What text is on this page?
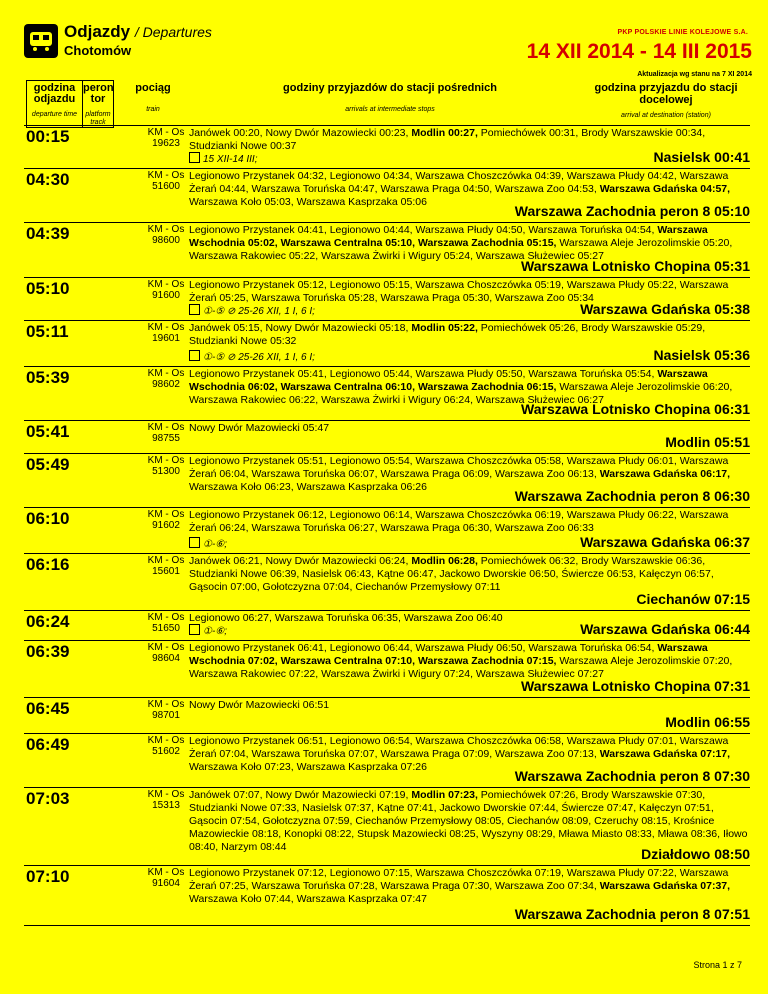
Odjazdy / Departures
Chotomów
PKP POLSKIE LINIE KOLEJOWE S.A.
14 XII 2014 - 14 III 2015
Aktualizacja wg stanu na 7 XI 2014
godzina odjazdu
departure time
peron tor
platform track
pociąg
train
godziny przyjazdów do stacji pośrednich
arrivals at intermediate stops
godzina przyjazdu do stacji docelowej
arrival at destination (station)
00:15	KM - Os
19623
Janówek 00:20, Nowy Dwór Mazowiecki 00:23, Modlin 00:27, Pomiechówek 00:31, Brody Warszawskie 00:34, Studzianki Nowe 00:37
15 XII-14 III;	Nasielsk 00:41
04:30	KM - Os
51600
Legionowo Przystanek 04:32, Legionowo 04:34, Warszawa Choszczówka 04:39, Warszawa Płudy 04:42, Warszawa Żerań 04:44, Warszawa Toruńska 04:47, Warszawa Praga 04:50, Warszawa Zoo 04:53, Warszawa Gdańska 04:57, Warszawa Koło 05:03, Warszawa Kasprzaka 05:06
Warszawa Zachodnia peron 8 05:10
04:39	KM - Os
98600
Legionowo Przystanek 04:41, Legionowo 04:44, Warszawa Płudy 04:50, Warszawa Toruńska 04:54, Warszawa Wschodnia 05:02, Warszawa Centralna 05:10, Warszawa Zachodnia 05:15, Warszawa Aleje Jerozolimskie 05:20, Warszawa Rakowiec 05:22, Warszawa Żwirki i Wigury 05:24, Warszawa Służewiec 05:27
Warszawa Lotnisko Chopina 05:31
05:10	KM - Os
91600
Legionowo Przystanek 05:12, Legionowo 05:15, Warszawa Choszczówka 05:19, Warszawa Płudy 05:22, Warszawa Żerań 05:25, Warszawa Toruńska 05:28, Warszawa Praga 05:30, Warszawa Zoo 05:34
①-⑤ ⊘ 25-26 XII, 1 I, 6 I;	Warszawa Gdańska 05:38
05:11	KM - Os
19601
Janówek 05:15, Nowy Dwór Mazowiecki 05:18, Modlin 05:22, Pomiechówek 05:26, Brody Warszawskie 05:29, Studzianki Nowe 05:32
①-⑤ ⊘ 25-26 XII, 1 I, 6 I;	Nasielsk 05:36
05:39	KM - Os
98602
Legionowo Przystanek 05:41, Legionowo 05:44, Warszawa Płudy 05:50, Warszawa Toruńska 05:54, Warszawa Wschodnia 06:02, Warszawa Centralna 06:10, Warszawa Zachodnia 06:15, Warszawa Aleje Jerozolimskie 06:20, Warszawa Rakowiec 06:22, Warszawa Żwirki i Wigury 06:24, Warszawa Służewiec 06:27
Warszawa Lotnisko Chopina 06:31
05:41	KM - Os
98755
Nowy Dwór Mazowiecki 05:47
Modlin 05:51
05:49	KM - Os
51300
Legionowo Przystanek 05:51, Legionowo 05:54, Warszawa Choszczówka 05:58, Warszawa Płudy 06:01, Warszawa Żerań 06:04, Warszawa Toruńska 06:07, Warszawa Praga 06:09, Warszawa Zoo 06:13, Warszawa Gdańska 06:17, Warszawa Koło 06:23, Warszawa Kasprzaka 06:26
Warszawa Zachodnia peron 8 06:30
06:10	KM - Os
91602
Legionowo Przystanek 06:12, Legionowo 06:14, Warszawa Choszczówka 06:19, Warszawa Płudy 06:22, Warszawa Żerań 06:24, Warszawa Toruńska 06:27, Warszawa Praga 06:30, Warszawa Zoo 06:33
①-⑥;	Warszawa Gdańska 06:37
06:16	KM - Os
15601
Janówek 06:21, Nowy Dwór Mazowiecki 06:24, Modlin 06:28, Pomiechówek 06:32, Brody Warszawskie 06:36, Studzianki Nowe 06:39, Nasielsk 06:43, Kątne 06:47, Jackowo Dworskie 06:50, Świercze 06:53, Kałęczyn 06:57, Gąsocin 07:00, Gołotczyzna 07:04, Ciechanów Przemysłowy 07:11
Ciechanów 07:15
06:24	KM - Os
51650
Legionowo 06:27, Warszawa Toruńska 06:35, Warszawa Zoo 06:40
①-⑥;	Warszawa Gdańska 06:44
06:39	KM - Os
98604
Legionowo Przystanek 06:41, Legionowo 06:44, Warszawa Płudy 06:50, Warszawa Toruńska 06:54, Warszawa Wschodnia 07:02, Warszawa Centralna 07:10, Warszawa Zachodnia 07:15, Warszawa Aleje Jerozolimskie 07:20, Warszawa Rakowiec 07:22, Warszawa Żwirki i Wigury 07:24, Warszawa Służewiec 07:27
Warszawa Lotnisko Chopina 07:31
06:45	KM - Os
98701
Nowy Dwór Mazowiecki 06:51
Modlin 06:55
06:49	KM - Os
51602
Legionowo Przystanek 06:51, Legionowo 06:54, Warszawa Choszczówka 06:58, Warszawa Płudy 07:01, Warszawa Żerań 07:04, Warszawa Toruńska 07:07, Warszawa Praga 07:09, Warszawa Zoo 07:13, Warszawa Gdańska 07:17, Warszawa Koło 07:23, Warszawa Kasprzaka 07:26
Warszawa Zachodnia peron 8 07:30
07:03	KM - Os
15313
Janówek 07:07, Nowy Dwór Mazowiecki 07:19, Modlin 07:23, Pomiechówek 07:26, Brody Warszawskie 07:30, Studzianki Nowe 07:33, Nasielsk 07:37, Kątne 07:41, Jackowo Dworskie 07:44, Świercze 07:47, Kałęczyn 07:51, Gąsocin 07:54, Gołotczyzna 07:59, Ciechanów Przemysłowy 08:05, Ciechanów 08:09, Czeruchy 08:15, Krośnice Mazowieckie 08:18, Konopki 08:22, Stupsk Mazowiecki 08:25, Wyszyny 08:29, Mława Miasto 08:33, Mława 08:36, Iłowo 08:40, Narzym 08:44	Działdowo 08:50
07:10	KM - Os
91604
Legionowo Przystanek 07:12, Legionowo 07:15, Warszawa Choszczówka 07:19, Warszawa Płudy 07:22, Warszawa Żerań 07:25, Warszawa Toruńska 07:28, Warszawa Praga 07:30, Warszawa Zoo 07:34, Warszawa Gdańska 07:37, Warszawa Koło 07:44, Warszawa Kasprzaka 07:47
Warszawa Zachodnia peron 8 07:51
Strona 1 z 7
